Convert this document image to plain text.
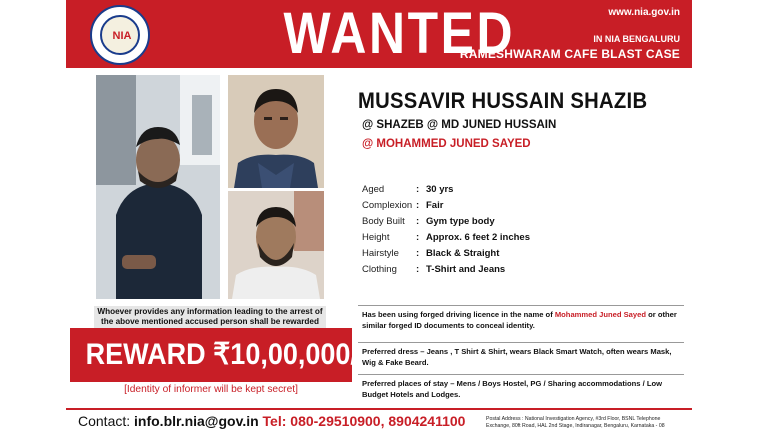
NIA	WANTED	www.nia.gov.in
IN NIA BENGALURU
RAMESHWARAM CAFE BLAST CASE
MUSSAVIR HUSSAIN SHAZIB
@ SHAZEB @ MD JUNED HUSSAIN
@ MOHAMMED JUNED SAYED
Aged	: 30 yrs
Complexion : Fair
Body Built	: Gym type body
Height	: Approx. 6 feet 2 inches
Hairstyle	: Black & Straight
Clothing	: T-Shirt and Jeans
Has been using forged driving licence in the name of Mohammed Juned Sayed or other similar forged ID documents to conceal identity.
Preferred dress – Jeans , T Shirt & Shirt, wears Black Smart Watch, often wears Mask, Wig & Fake Beard.
Preferred places of stay – Mens / Boys Hostel, PG / Sharing accommodations / Low Budget Hotels and Lodges.
Whoever provides any information leading to the arrest of the above mentioned accused person shall be rewarded
REWARD ₹10,00,000/-
[Identity of informer will be kept secret]
Contact: info.blr.nia@gov.in Tel: 080-29510900, 8904241100	Postal Address : National Investigation Agency, #3rd Floor, BSNL Telephone Exchange, 80ft Road, HAL 2nd Stage, Indiranagar, Bengaluru, Karnataka - 08
